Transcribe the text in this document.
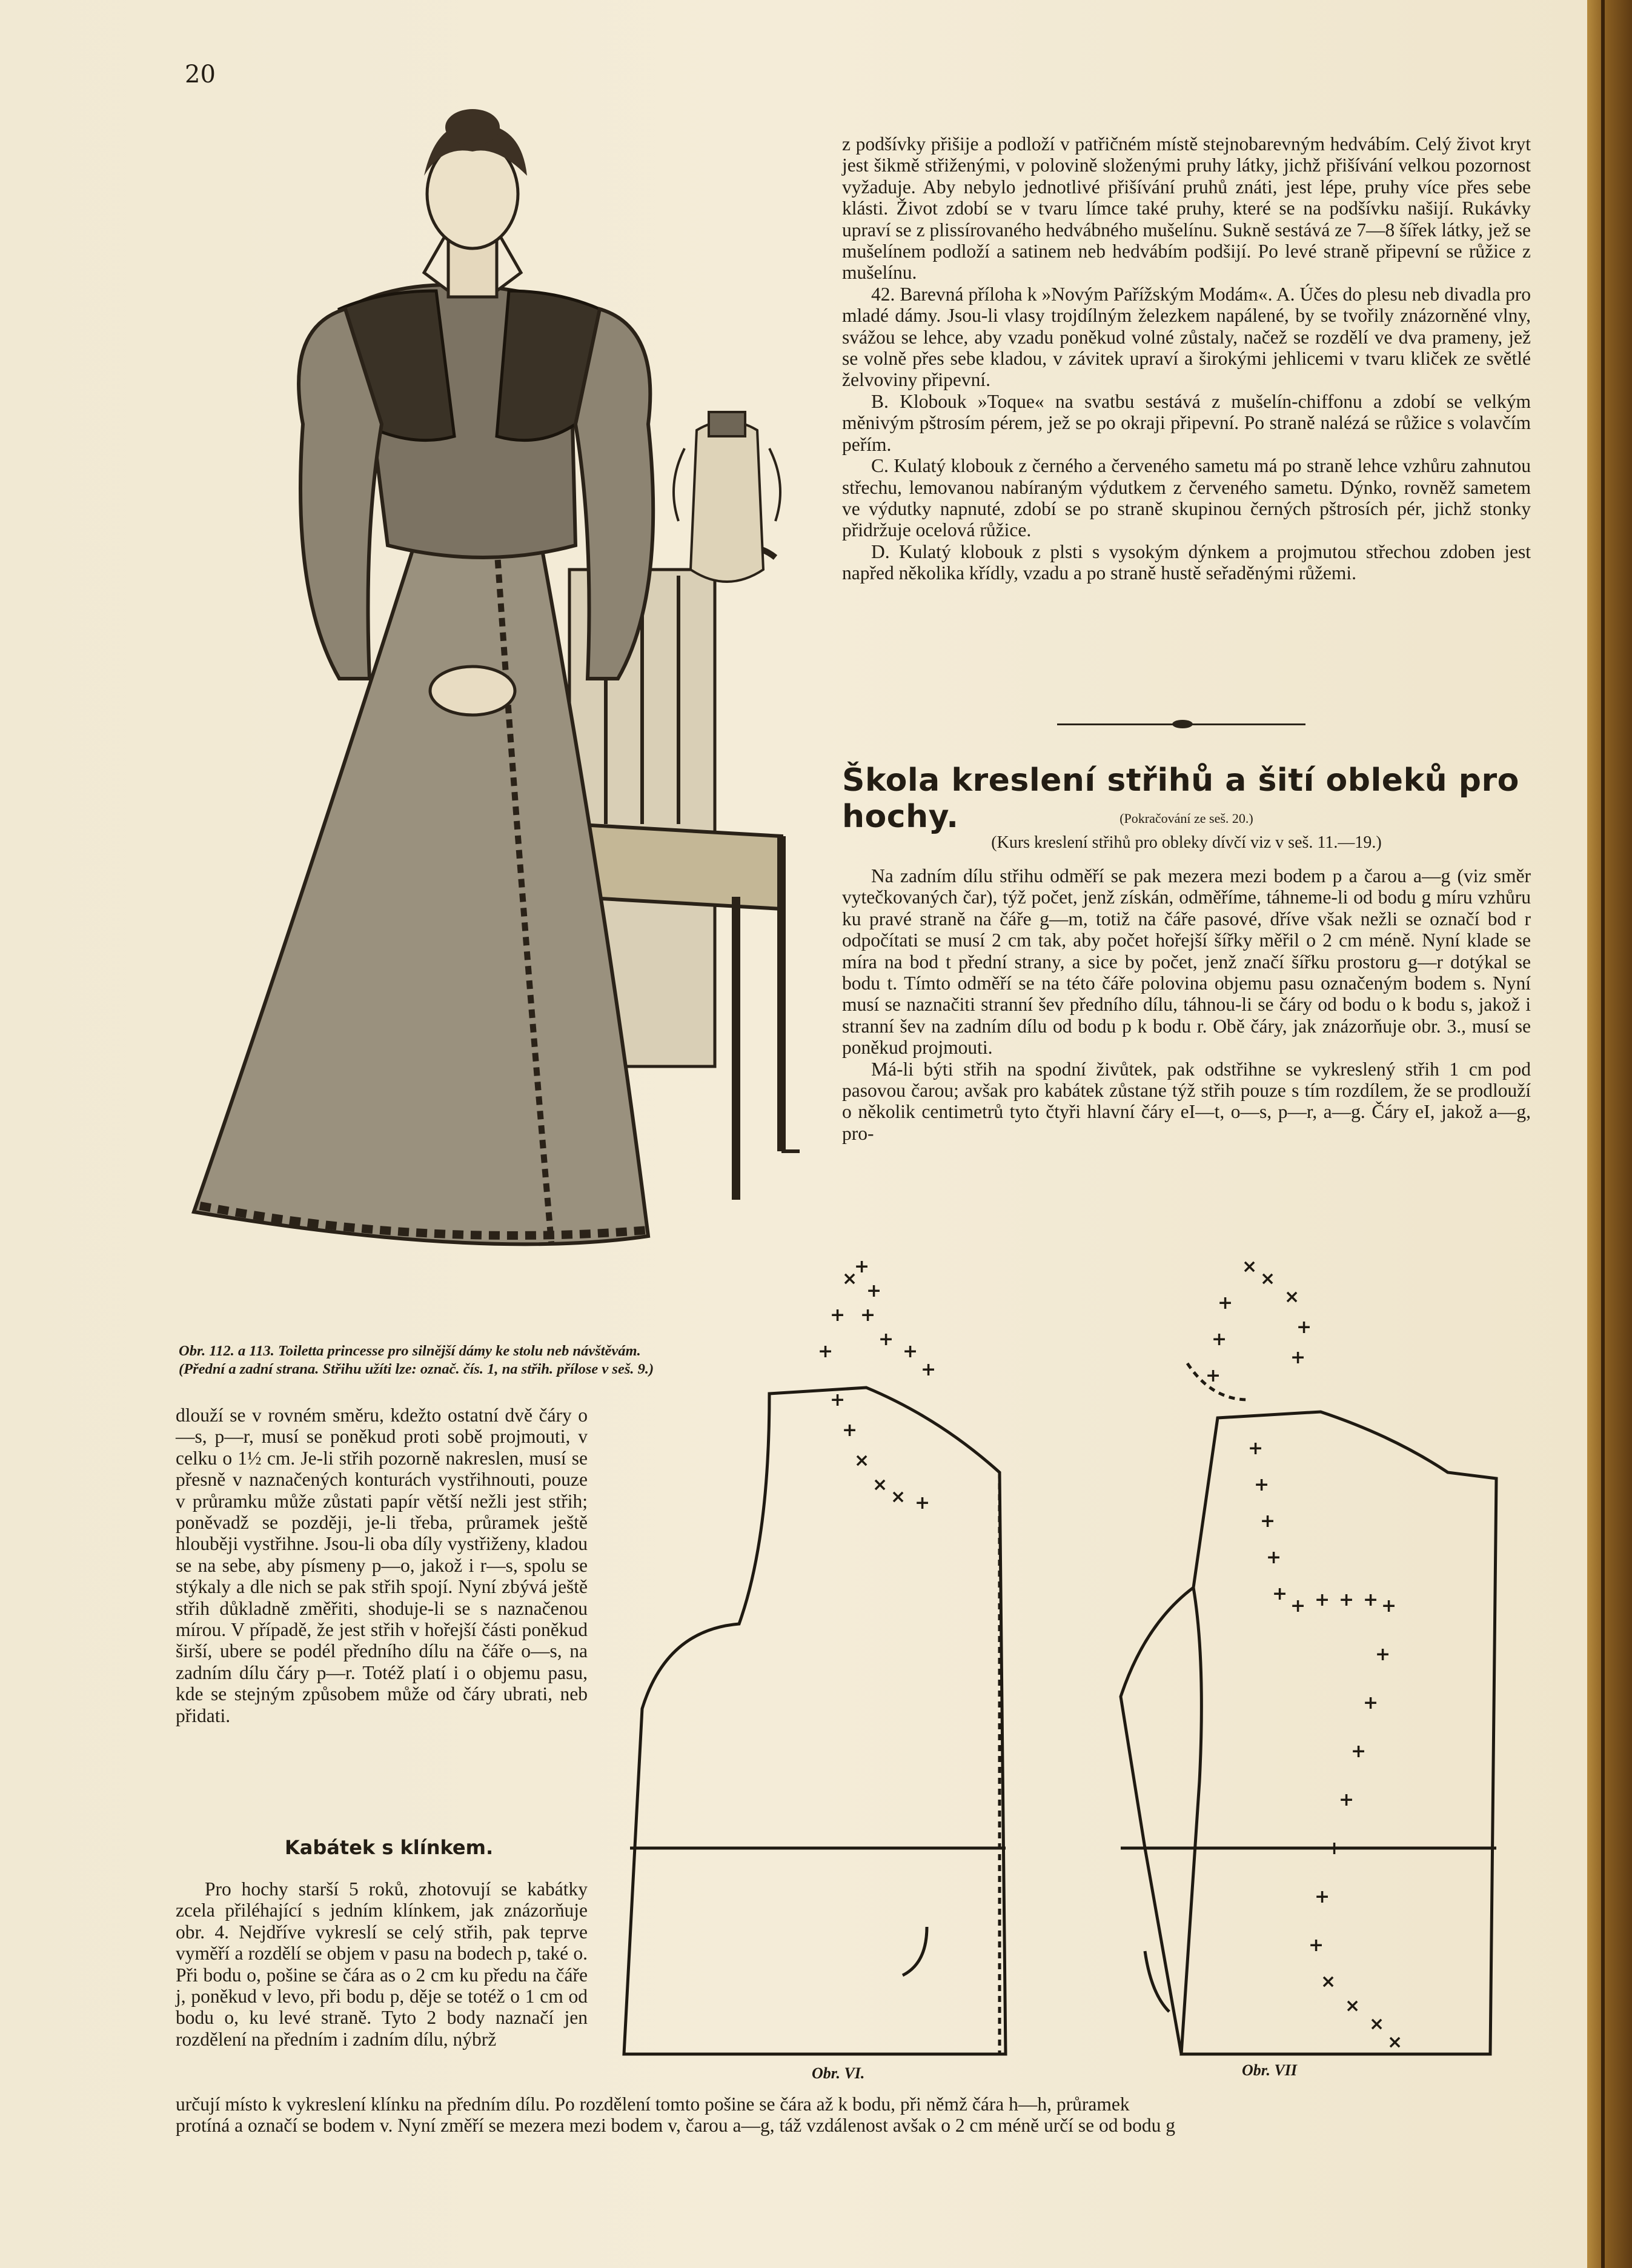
20

z podšívky přišije a podloží v patřičném místě stejnobarevným hedvábím. Celý život kryt jest šikmě střiženými, v polovině složenými pruhy látky, jichž přišívání velkou pozornost vyžaduje. Aby nebylo jednotlivé přišívání pruhů znáti, jest lépe, pruhy více přes sebe klásti. Život zdobí se v tvaru límce také pruhy, které se na podšívku našijí. Rukávky upraví se z plissírovaného hedvábného mušelínu. Sukně sestává ze 7—8 šířek látky, jež se mušelínem podloží a satinem neb hedvábím podšijí. Po levé straně připevní se růžice z mušelínu.

42. Barevná příloha k »Novým Pařížským Modám«. A. Účes do plesu neb divadla pro mladé dámy. Jsou-li vlasy trojdílným železkem napálené, by se tvořily znázorněné vlny, svážou se lehce, aby vzadu poněkud volné zůstaly, načež se rozdělí ve dva prameny, jež se volně přes sebe kladou, v závitek upraví a širokými jehlicemi v tvaru kliček ze světlé želvoviny připevní.

B. Klobouk »Toque« na svatbu sestává z mušelín-chiffonu a zdobí se velkým měnivým pštrosím pérem, jež se po okraji připevní. Po straně nalézá se růžice s volavčím peřím.

C. Kulatý klobouk z černého a červeného sametu má po straně lehce vzhůru zahnutou střechu, lemovanou nabíraným výdutkem z červeného sametu. Dýnko, rovněž sametem ve výdutky napnuté, zdobí se po straně skupinou černých pštrosích pér, jichž stonky přidržuje ocelová růžice.

D. Kulatý klobouk z plsti s vysokým dýnkem a projmutou střechou zdoben jest napřed několika křídly, vzadu a po straně hustě seřaděnými růžemi.

Škola kreslení střihů a šití obleků pro hochy.	(Pokračování ze seš. 20.)
(Kurs kreslení střihů pro obleky dívčí viz v seš. 11.—19.)

Na zadním dílu střihu odměří se pak mezera mezi bodem p a čarou a—g (viz směr vytečkovaných čar), týž počet, jenž získán, odměříme, táhneme-li od bodu g míru vzhůru ku pravé straně na čáře g—m, totiž na čáře pasové, dříve však nežli se označí bod r odpočítati se musí 2 cm tak, aby počet hořejší šířky měřil o 2 cm méně. Nyní klade se míra na bod t přední strany, a sice by počet, jenž značí šířku prostoru g—r dotýkal se bodu t. Tímto odměří se na této čáře polovina objemu pasu označeným bodem s. Nyní musí se naznačiti stranní šev předního dílu, táhnou-li se čáry od bodu o k bodu s, jakož i stranní šev na zadním dílu od bodu p k bodu r. Obě čáry, jak znázorňuje obr. 3., musí se poněkud projmouti.

Má-li býti střih na spodní živůtek, pak odstřihne se vykreslený střih 1 cm pod pasovou čarou; avšak pro kabátek zůstane týž střih pouze s tím rozdílem, že se prodlouží o několik centimetrů tyto čtyři hlavní čáry eI—t, o—s, p—r, a—g. Čáry eI, jakož a—g, pro-

Obr. 112. a 113. Toiletta princesse pro silnější dámy ke stolu neb návštěvám.
(Přední a zadní strana. Střihu užíti lze: označ. čís. 1, na střih. přílose v seš. 9.)

dlouží se v rovném směru, kdežto ostatní dvě čáry o—s, p—r, musí se poněkud proti sobě projmouti, v celku o 1½ cm. Je-li střih pozorně nakreslen, musí se přesně v naznačených konturách vystřihnouti, pouze v průramku může zůstati papír větší nežli jest střih; poněvadž se později, je-li třeba, průramek ještě hlouběji vystřihne. Jsou-li oba díly vystřiženy, kladou se na sebe, aby písmeny p—o, jakož i r—s, spolu se stýkaly a dle nich se pak střih spojí. Nyní zbývá ještě střih důkladně změřiti, shoduje-li se s naznačenou mírou. V případě, že jest střih v hořejší části poněkud širší, ubere se podél předního dílu na čáře o—s, na zadním dílu čáry p—r. Totéž platí i o objemu pasu, kde se stejným způsobem může od čáry ubrati, neb přidati.

Kabátek s klínkem.

Pro hochy starší 5 roků, zhotovují se kabátky zcela přiléhající s jedním klínkem, jak znázorňuje obr. 4. Nejdříve vykreslí se celý střih, pak teprve vyměří a rozdělí se objem v pasu na bodech p, také o. Při bodu o, pošine se čára as o 2 cm ku předu na čáře j, poněkud v levo, při bodu p, děje se totéž o 1 cm od bodu o, ku levé straně. Tyto 2 body naznačí jen rozdělení na předním i zadním dílu, nýbrž

určují místo k vykreslení klínku na předním dílu. Po rozdělení tomto pošine se čára až k bodu, při němž čára h—h, průramek

protíná a označí se bodem v. Nyní změří se mezera mezi bodem v, čarou a—g, táž vzdálenost avšak o 2 cm méně určí se od bodu g

+
+
+
+
+
+
×
+
+
+
+
×
×
× +
Obr. VI.
×
×
×
+
+
+
+
+
+
+
+
+
+
+ + + + +
+
+
+
+
+
+
+
×
×
×
×
Obr. VII
